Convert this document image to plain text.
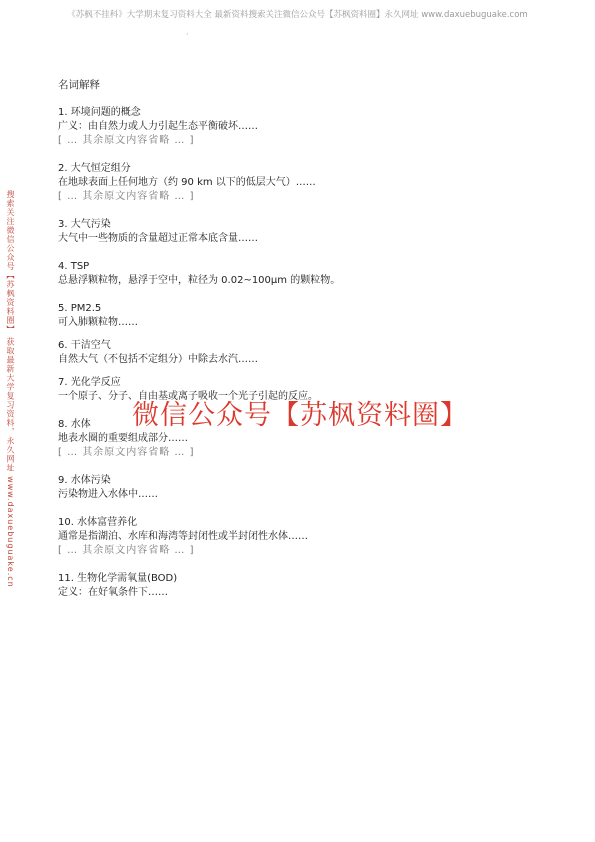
《苏枫不挂科》大学期末复习资料大全 最新资料搜索关注微信公众号【苏枫资料圈】永久网址 www.daxuebuguake.com
·
搜索关注微信公众号【苏枫资料圈】 获取最新大学复习资料，永久网址 www.daxuebuguake.cn	微信公众号【苏枫资料圈】

名词解释

1. 环境问题的概念

广义：由自然力或人力引起生态平衡破坏……

[ … 其余原文内容省略 … ]

2. 大气恒定组分

在地球表面上任何地方（约 90 km 以下的低层大气）……

[ … 其余原文内容省略 … ]

3. 大气污染

大气中一些物质的含量超过正常本底含量……

4. TSP

总悬浮颗粒物，悬浮于空中，粒径为 0.02~100μm 的颗粒物。

5. PM2.5

可入肺颗粒物……

6. 干洁空气

自然大气（不包括不定组分）中除去水汽……

7. 光化学反应

一个原子、分子、自由基或离子吸收一个光子引起的反应。

8. 水体

地表水圈的重要组成部分……

[ … 其余原文内容省略 … ]

9. 水体污染

污染物进入水体中……

10. 水体富营养化

通常是指湖泊、水库和海湾等封闭性或半封闭性水体……

[ … 其余原文内容省略 … ]

11. 生物化学需氧量(BOD)

定义：在好氧条件下……
